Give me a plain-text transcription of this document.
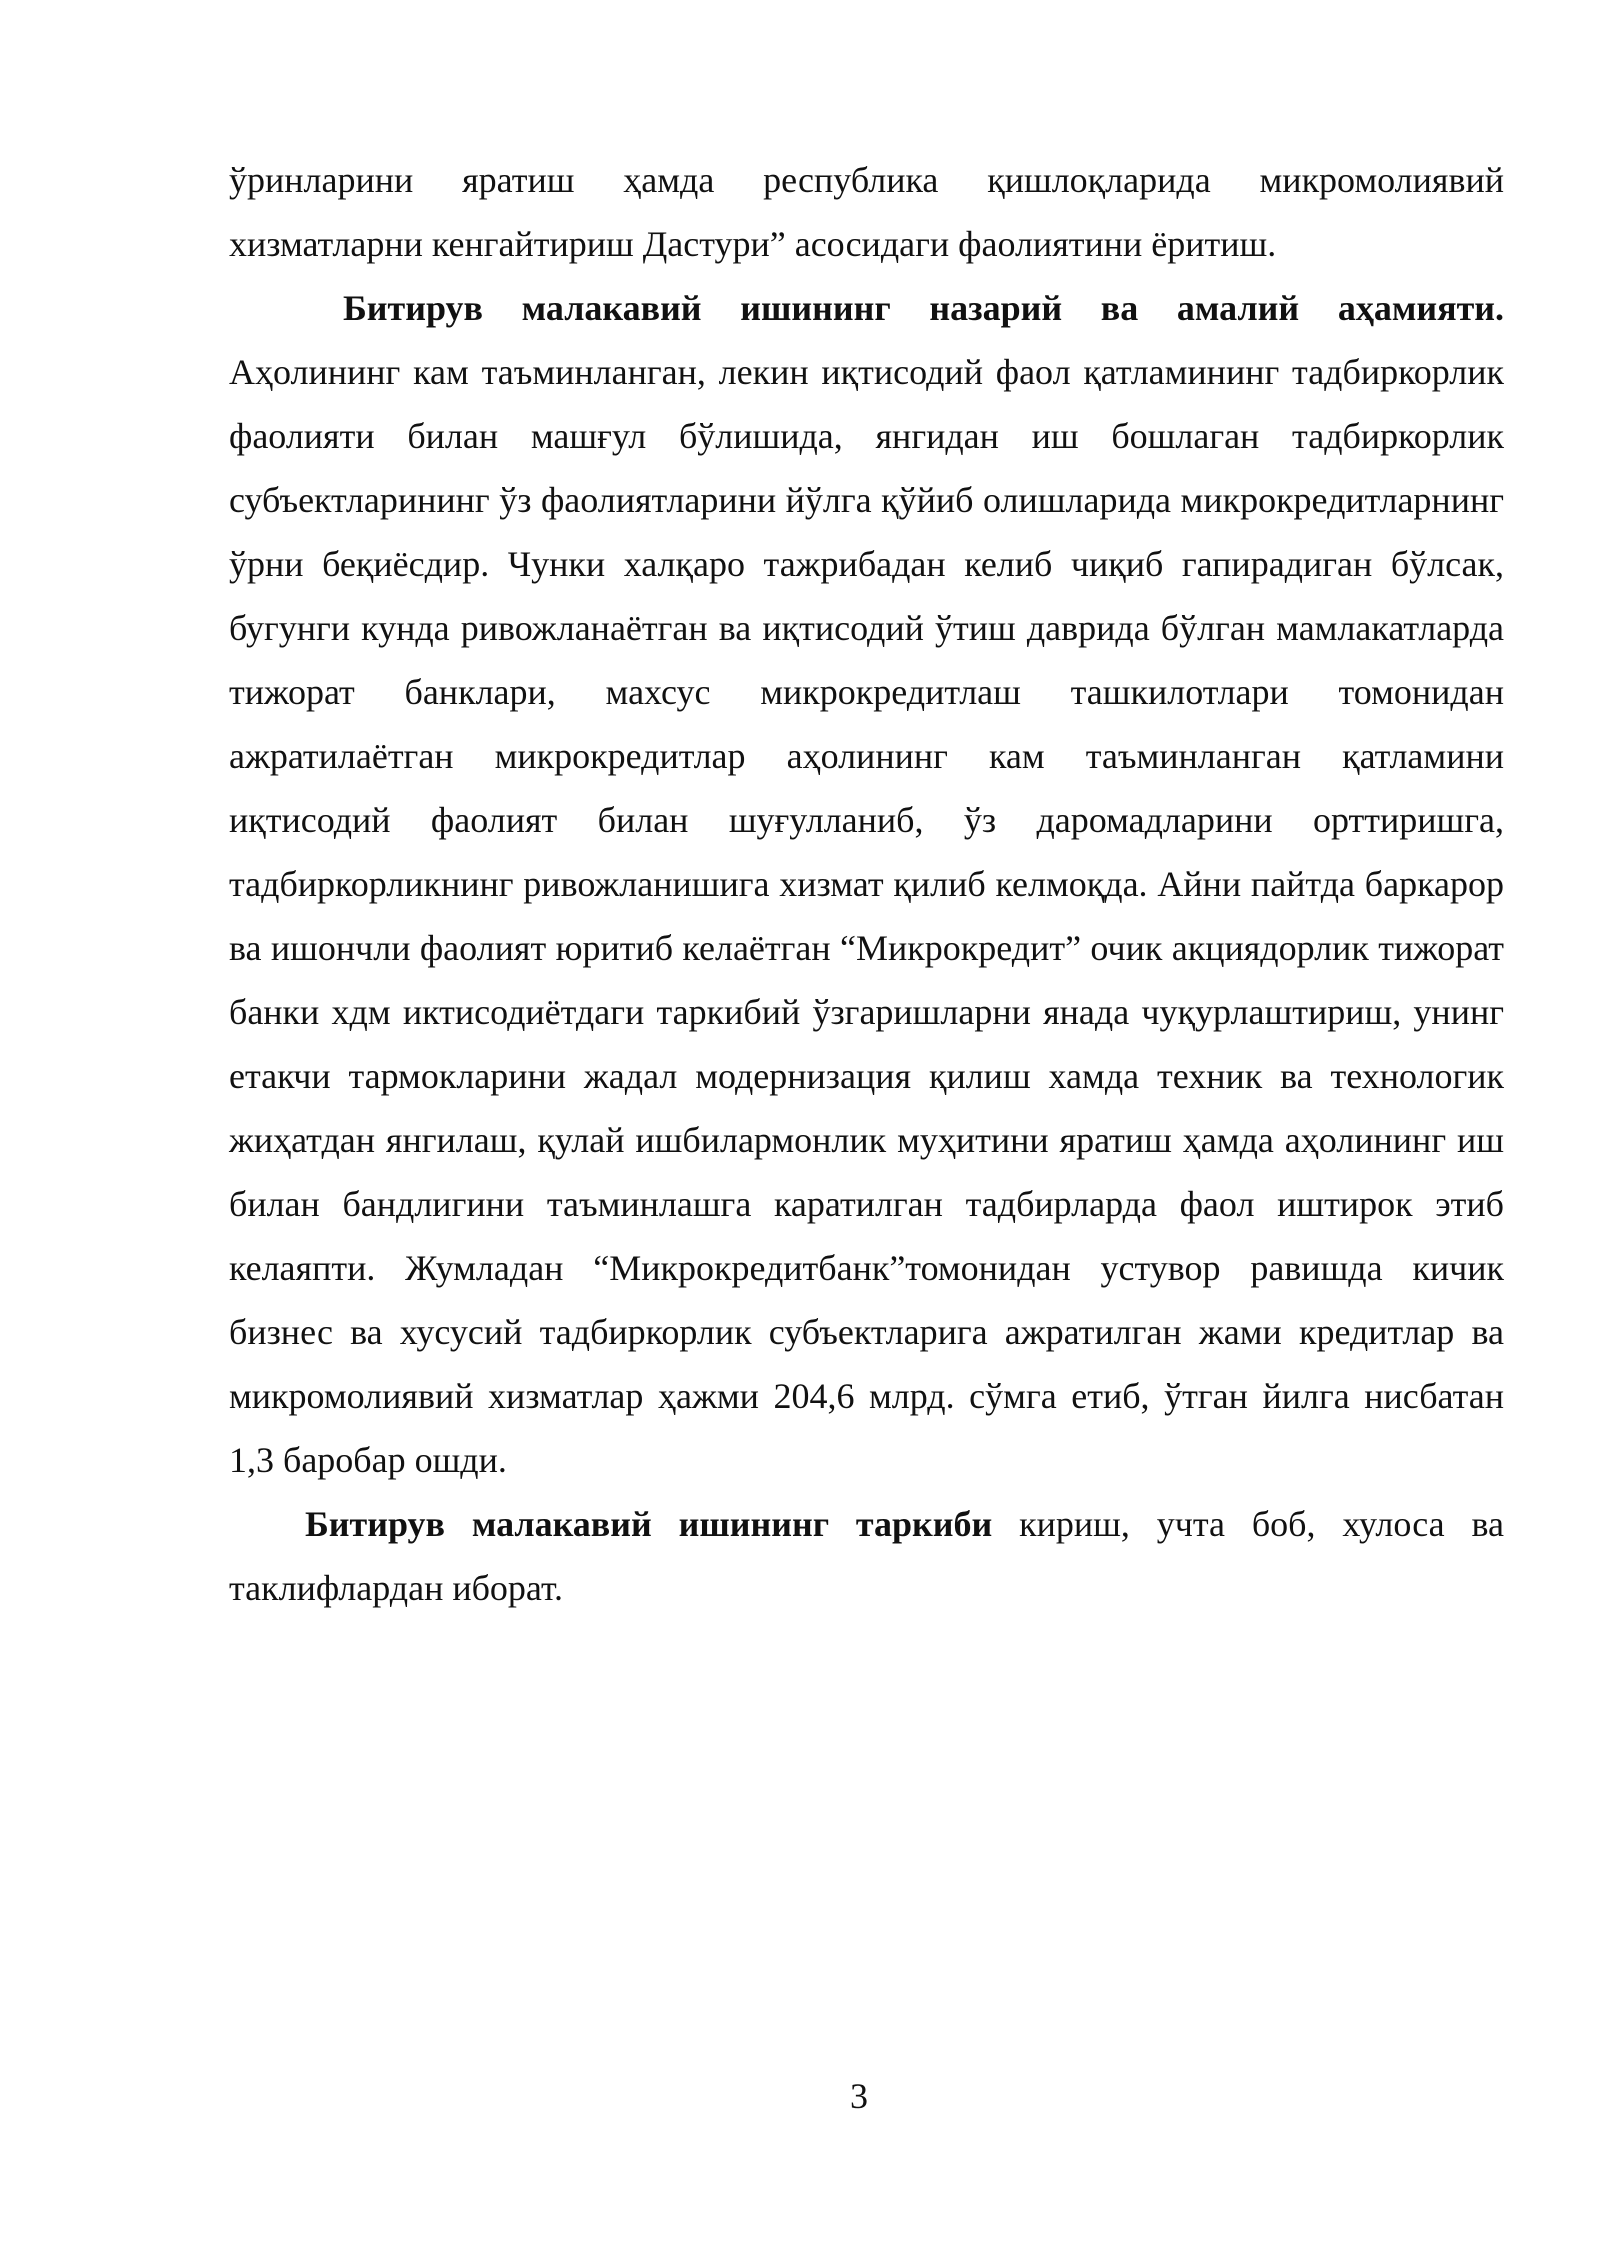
ўринларини яратиш ҳамда республика қишлоқларида микромолиявий хизматларни кенгайтириш Дастури” асосидаги фаолиятини ёритиш.

Битирув малакавий ишининг назарий ва амалий аҳамияти. Аҳолининг кам таъминланган, лекин иқтисодий фаол қатламининг тадбиркорлик фаолияти билан машғул бўлишида, янгидан иш бошлаган тадбиркорлик субъектларининг ўз фаолиятларини йўлга қўйиб олишларида микрокредитларнинг ўрни беқиёсдир. Чунки халқаро тажрибадан келиб чиқиб гапирадиган бўлсак, бугунги кунда ривожланаётган ва иқтисодий ўтиш даврида бўлган мамлакатларда тижорат банклари, махсус микрокредитлаш ташкилотлари томонидан ажратилаётган микрокредитлар аҳолининг кам таъминланган қатламини иқтисодий фаолият билан шуғулланиб, ўз даромадларини орттиришга, тадбиркорликнинг ривожланишига хизмат қилиб келмоқда. Айни пайтда баркарор ва ишончли фаолият юритиб келаётган “Микрокредит” очик акциядорлик тижорат банки хдм иктисодиётдаги таркибий ўзгаришларни янада чуқурлаштириш, унинг етакчи тармокларини жадал модернизация қилиш хамда техник ва технологик жиҳатдан янгилаш, қулай ишбилармонлик муҳитини яратиш ҳамда аҳолининг иш билан бандлигини таъминлашга каратилган тадбирларда фаол иштирок этиб келаяпти. Жумладан “Микрокредитбанк”томонидан устувор равишда кичик бизнес ва хусусий тадбиркорлик субъектларига ажратилган жами кредитлар ва микромолиявий хизматлар ҳажми 204,6 млрд. сўмга етиб, ўтган йилга нисбатан 1,3 баробар ошди.

Битирув малакавий ишининг таркиби кириш, учта боб, хулоса ва таклифлардан иборат.

3
